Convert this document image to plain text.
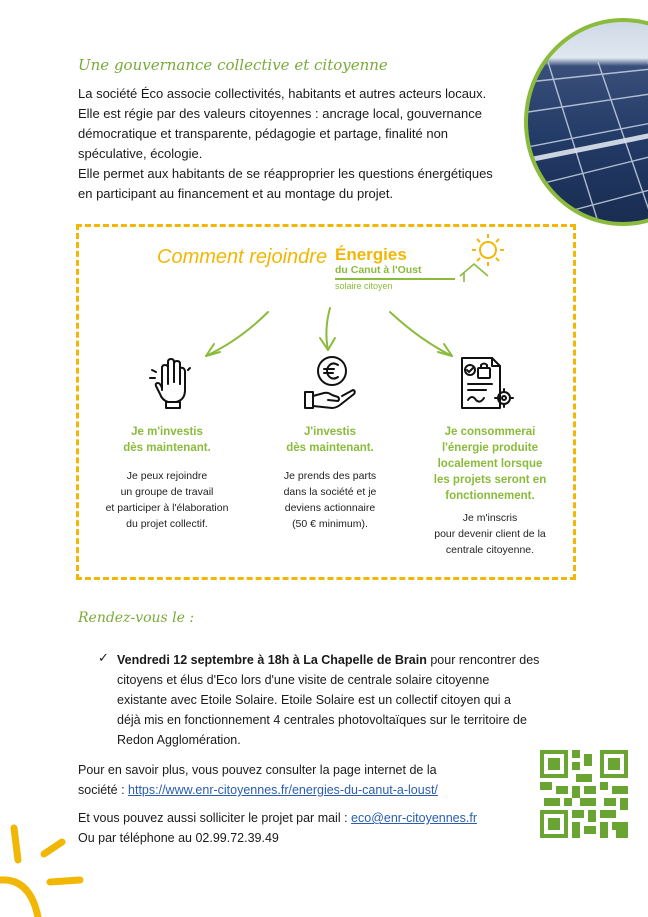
Une gouvernance collective et citoyenne
La société Éco associe collectivités, habitants et autres acteurs locaux.
Elle est régie par des valeurs citoyennes : ancrage local, gouvernance
démocratique et transparente, pédagogie et partage, finalité non
spéculative, écologie.
Elle permet aux habitants de se réapproprier les questions énergétiques
en participant au financement et au montage du projet.
Comment rejoindre Énergies
du Canut à l'Oust
solaire citoyen
Je m'investis
dès maintenant.
Je peux rejoindre
un groupe de travail
et participer à l'élaboration
du projet collectif.
J'investis
dès maintenant.
Je prends des parts
dans la société et je
deviens actionnaire
(50 € minimum).
Je consommerai
l'énergie produite
localement lorsque
les projets seront en
fonctionnement.
Je m'inscris
pour devenir client de la
centrale citoyenne.
Rendez-vous le :
✓ Vendredi 12 septembre à 18h à La Chapelle de Brain pour rencontrer des
citoyens et élus d'Eco lors d'une visite de centrale solaire citoyenne
existante avec Etoile Solaire. Etoile Solaire est un collectif citoyen qui a
déjà mis en fonctionnement 4 centrales photovoltaïques sur le territoire de
Redon Agglomération.
Pour en savoir plus, vous pouvez consulter la page internet de la
société : https://www.enr-citoyennes.fr/energies-du-canut-a-loust/
Et vous pouvez aussi solliciter le projet par mail : eco@enr-citoyennes.fr
Ou par téléphone au 02.99.72.39.49
